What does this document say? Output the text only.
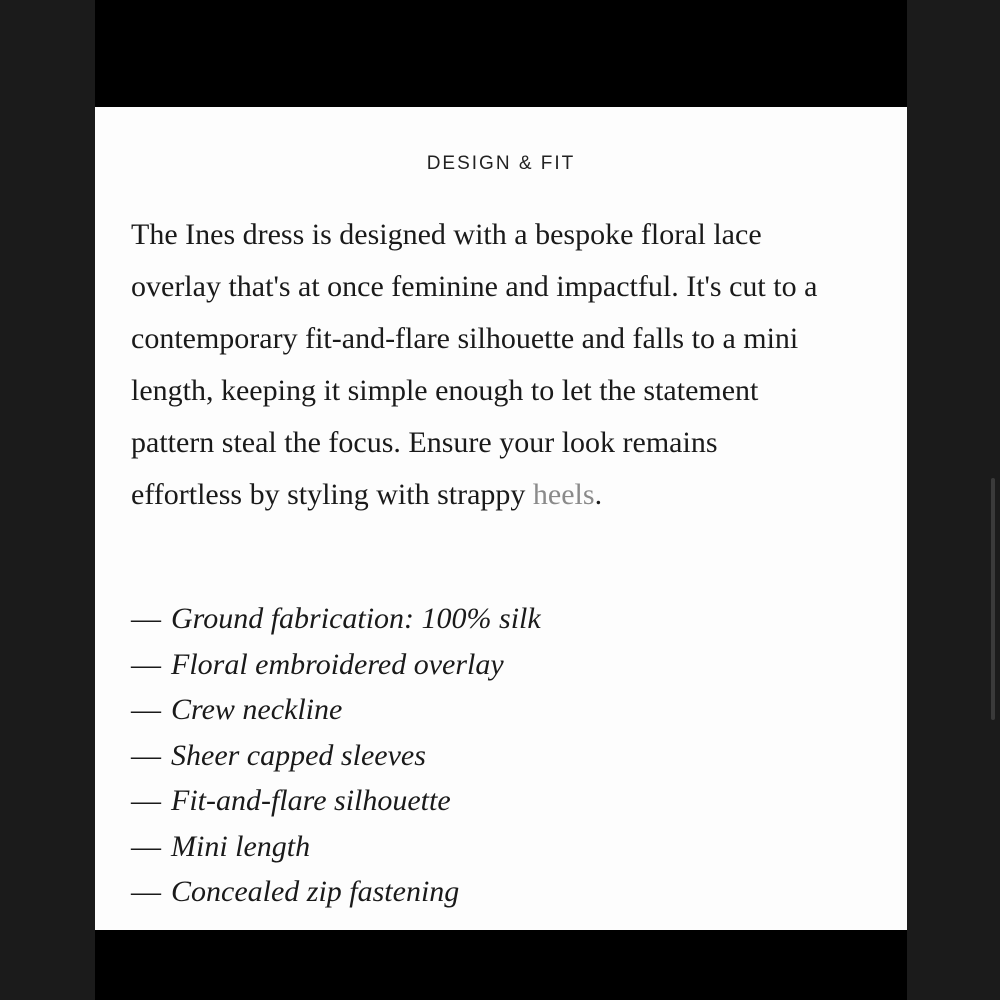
DESIGN & FIT

The Ines dress is designed with a bespoke floral lace overlay that's at once feminine and impactful. It's cut to a contemporary fit-and-flare silhouette and falls to a mini length, keeping it simple enough to let the statement pattern steal the focus. Ensure your look remains effortless by styling with strappy heels.

— Ground fabrication: 100% silk
— Floral embroidered overlay
— Crew neckline
— Sheer capped sleeves
— Fit-and-flare silhouette
— Mini length
— Concealed zip fastening
